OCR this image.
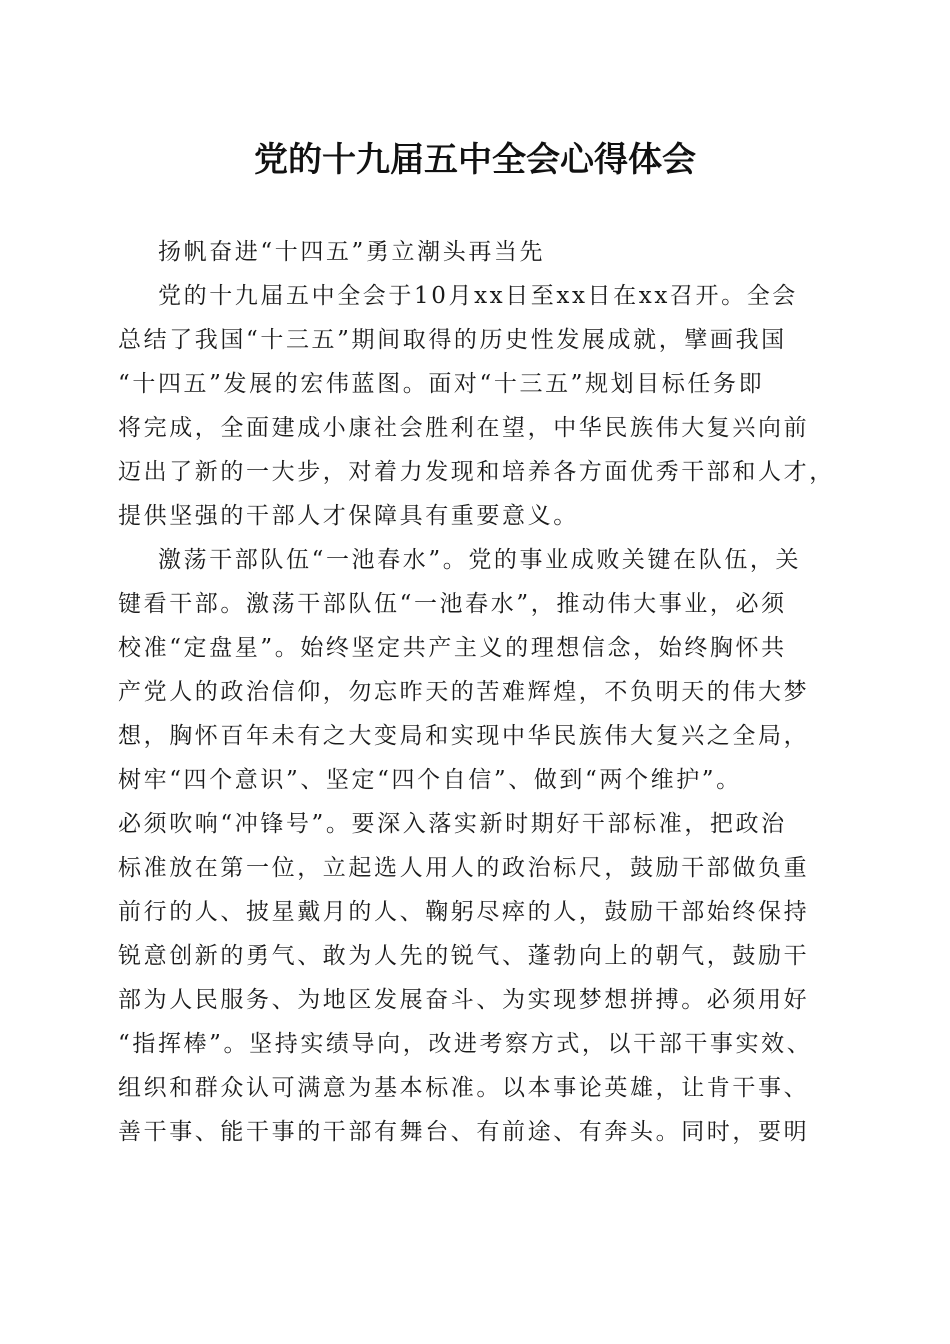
党的十九届五中全会心得体会
扬帆奋进“十四五”勇立潮头再当先
党的十九届五中全会于10月xx日至xx日在xx召开。全会
总结了我国“十三五”期间取得的历史性发展成就，擘画我国
“十四五”发展的宏伟蓝图。面对“十三五”规划目标任务即
将完成，全面建成小康社会胜利在望，中华民族伟大复兴向前
迈出了新的一大步，对着力发现和培养各方面优秀干部和人才，
提供坚强的干部人才保障具有重要意义。
激荡干部队伍“一池春水”。党的事业成败关键在队伍，关
键看干部。激荡干部队伍“一池春水”，推动伟大事业，必须
校准“定盘星”。始终坚定共产主义的理想信念，始终胸怀共
产党人的政治信仰，勿忘昨天的苦难辉煌，不负明天的伟大梦
想，胸怀百年未有之大变局和实现中华民族伟大复兴之全局，
树牢“四个意识”、坚定“四个自信”、做到“两个维护”。
必须吹响“冲锋号”。要深入落实新时期好干部标准，把政治
标准放在第一位，立起选人用人的政治标尺，鼓励干部做负重
前行的人、披星戴月的人、鞠躬尽瘁的人，鼓励干部始终保持
锐意创新的勇气、敢为人先的锐气、蓬勃向上的朝气，鼓励干
部为人民服务、为地区发展奋斗、为实现梦想拼搏。必须用好
“指挥棒”。坚持实绩导向，改进考察方式，以干部干事实效、
组织和群众认可满意为基本标准。以本事论英雄，让肯干事、
善干事、能干事的干部有舞台、有前途、有奔头。同时，要明
